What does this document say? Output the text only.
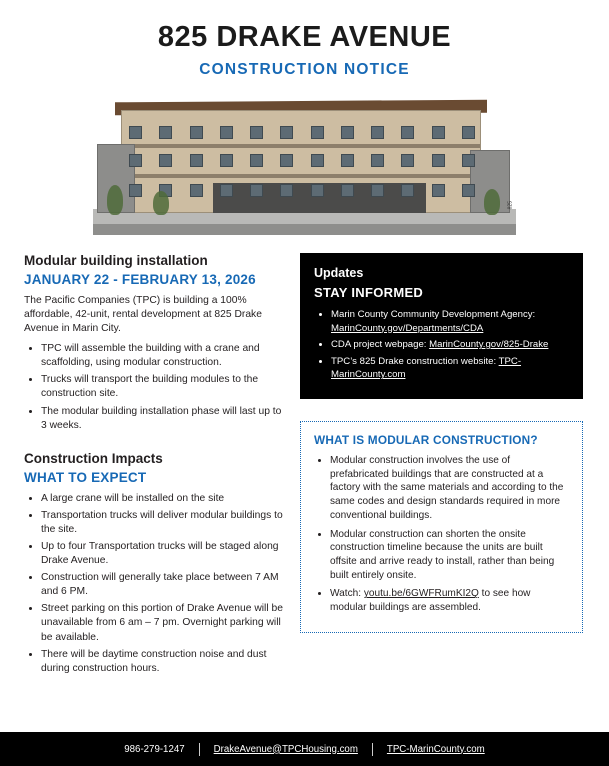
825 DRAKE AVENUE
CONSTRUCTION NOTICE
825
Modular building installation
JANUARY 22 - FEBRUARY 13, 2026

The Pacific Companies (TPC) is building a 100% affordable, 42-unit, rental development at 825 Drake Avenue in Marin City.

• TPC will assemble the building with a crane and scaffolding, using modular construction.
• Trucks will transport the building modules to the construction site.
• The modular building installation phase will last up to 3 weeks.
Construction Impacts
WHAT TO EXPECT
• A large crane will be installed on the site
• Transportation trucks will deliver modular buildings to the site.
• Up to four Transportation trucks will be staged along Drake Avenue.
• Construction will generally take place between 7 AM and 6 PM.
• Street parking on this portion of Drake Avenue will be unavailable from 6 am – 7 pm. Overnight parking will be available.
• There will be daytime construction noise and dust during construction hours.
Updates
STAY INFORMED
• Marin County Community Development Agency: MarinCounty.gov/Departments/CDA
• CDA project webpage: MarinCounty.gov/825-Drake
• TPC’s 825 Drake construction website: TPC-MarinCounty.com
WHAT IS MODULAR CONSTRUCTION?
• Modular construction involves the use of prefabricated buildings that are constructed at a factory with the same materials and according to the same codes and design standards required in more conventional buildings.
• Modular construction can shorten the onsite construction timeline because the units are built offsite and arrive ready to install, rather than being built entirely onsite.
• Watch: youtu.be/6GWFRumKI2Q to see how modular buildings are assembled.
986-279-1247	DrakeAvenue@TPCHousing.com	TPC-MarinCounty.com
